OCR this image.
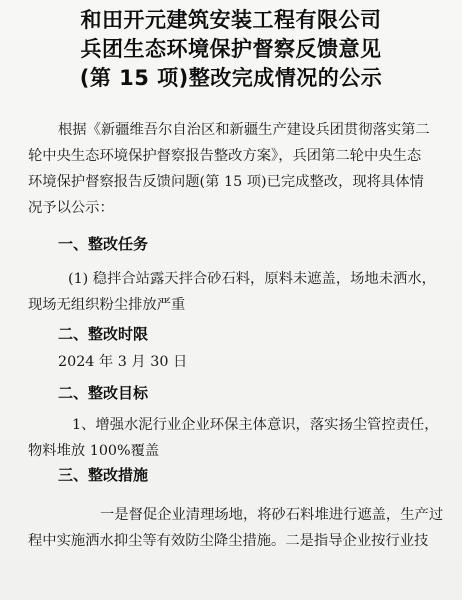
和田开元建筑安装工程有限公司
兵团生态环境保护督察反馈意见
(第 15 项)整改完成情况的公示
根据《新疆维吾尔自治区和新疆生产建设兵团贯彻落实第二
轮中央生态环境保护督察报告整改方案》，兵团第二轮中央生态
环境保护督察报告反馈问题(第 15 项)已完成整改，现将具体情
况予以公示：
一、整改任务
(1) 稳拌合站露天拌合砂石料，原料未遮盖，场地未洒水，
现场无组织粉尘排放严重
二、整改时限
2024 年 3 月 30 日
二、整改目标
1、增强水泥行业企业环保主体意识，落实扬尘管控责任，
物料堆放 100%覆盖
三、整改措施
一是督促企业清理场地，将砂石料堆进行遮盖，生产过
程中实施洒水抑尘等有效防尘降尘措施。二是指导企业按行业技
